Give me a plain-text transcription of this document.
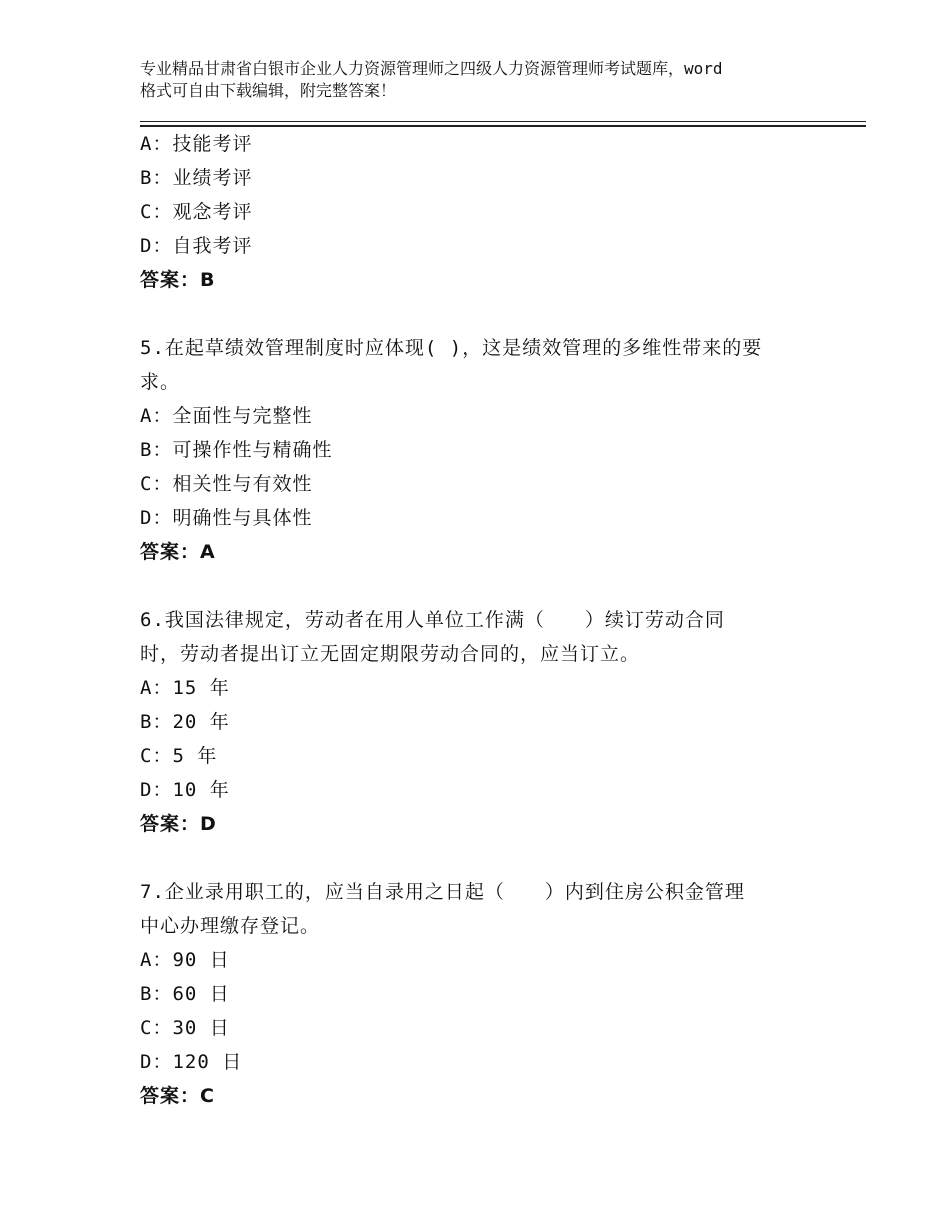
专业精品甘肃省白银市企业人力资源管理师之四级人力资源管理师考试题库，word
格式可自由下载编辑，附完整答案！
A：技能考评
B：业绩考评
C：观念考评
D：自我考评
答案：B
5.在起草绩效管理制度时应体现( )，这是绩效管理的多维性带来的要
求。
A：全面性与完整性
B：可操作性与精确性
C：相关性与有效性
D：明确性与具体性
答案：A
6.我国法律规定，劳动者在用人单位工作满（　　）续订劳动合同
时，劳动者提出订立无固定期限劳动合同的，应当订立。
A：15 年
B：20 年
C：5 年
D：10 年
答案：D
7.企业录用职工的，应当自录用之日起（　　）内到住房公积金管理
中心办理缴存登记。
A：90 日
B：60 日
C：30 日
D：120 日
答案：C
